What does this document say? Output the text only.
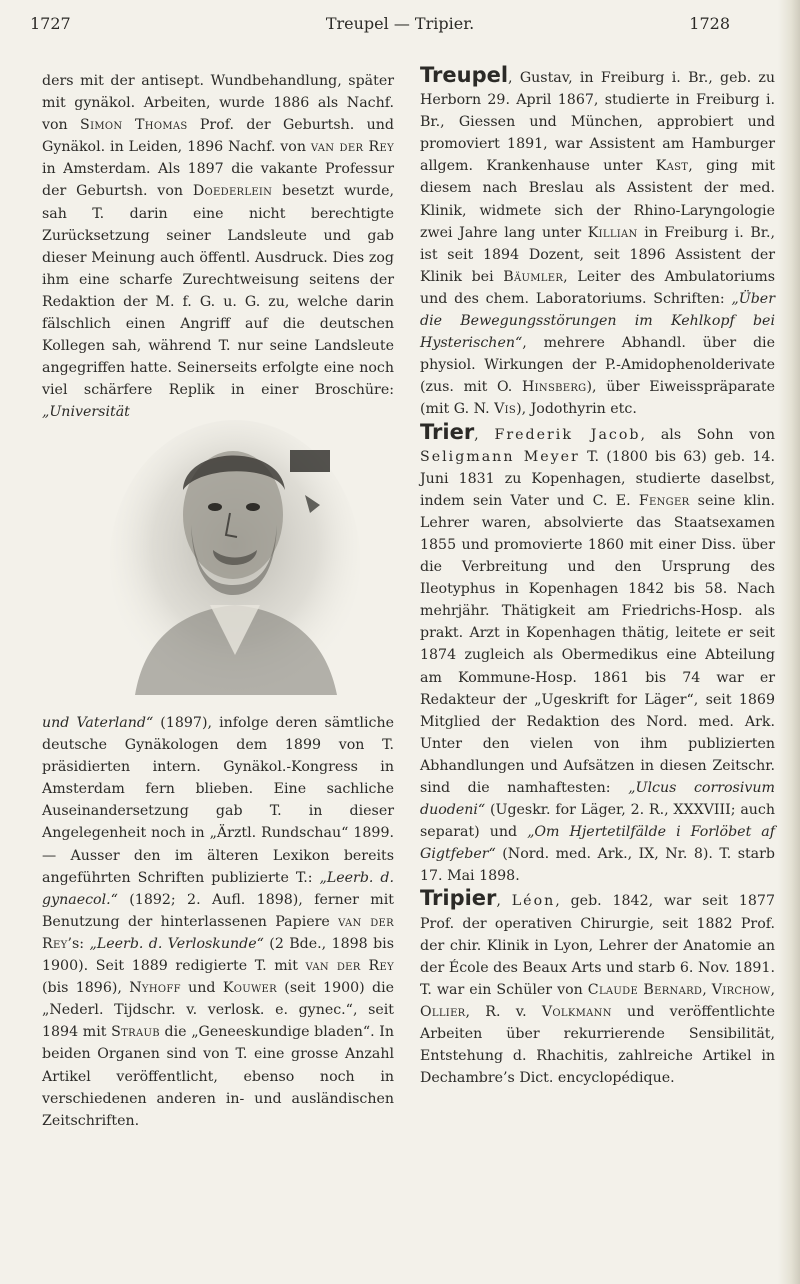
1727	Treupel — Tripier.	1728

ders mit der antisept. Wundbehandlung, später mit gynäkol. Arbeiten, wurde 1886 als Nachf. von Simon Thomas Prof. der Geburtsh. und Gynäkol. in Leiden, 1896 Nachf. von van der Rey in Amsterdam. Als 1897 die vakante Professur der Geburtsh. von Doederlein besetzt wurde, sah T. darin eine nicht berechtigte Zurücksetzung seiner Landsleute und gab dieser Meinung auch öffentl. Ausdruck. Dies zog ihm eine scharfe Zurechtweisung seitens der Redaktion der M. f. G. u. G. zu, welche darin fälschlich einen Angriff auf die deutschen Kollegen sah, während T. nur seine Landsleute angegriffen hatte. Seinerseits erfolgte eine noch viel schärfere Replik in einer Broschüre: „Universität

und Vaterland“ (1897), infolge deren sämtliche deutsche Gynäkologen dem 1899 von T. präsidierten intern. Gynäkol.-Kongress in Amsterdam fern blieben. Eine sachliche Auseinandersetzung gab T. in dieser Angelegenheit noch in „Ärztl. Rundschau“ 1899. — Ausser den im älteren Lexikon bereits angeführten Schriften publizierte T.: „Leerb. d. gynaecol.“ (1892; 2. Aufl. 1898), ferner mit Benutzung der hinterlassenen Papiere van der Rey’s: „Leerb. d. Verloskunde“ (2 Bde., 1898 bis 1900). Seit 1889 redigierte T. mit van der Rey (bis 1896), Nyhoff und Kouwer (seit 1900) die „Nederl. Tijdschr. v. verlosk. e. gynec.“, seit 1894 mit Straub die „Geneeskundige bladen“. In beiden Organen sind von T. eine grosse Anzahl Artikel veröffentlicht, ebenso noch in verschiedenen anderen in- und ausländischen Zeitschriften.

Treupel, Gustav, in Freiburg i. Br., geb. zu Herborn 29. April 1867, studierte in Freiburg i. Br., Giessen und München, approbiert und promoviert 1891, war Assistent am Hamburger allgem. Krankenhause unter Kast, ging mit diesem nach Breslau als Assistent der med. Klinik, widmete sich der Rhino-Laryngologie zwei Jahre lang unter Killian in Freiburg i. Br., ist seit 1894 Dozent, seit 1896 Assistent der Klinik bei Bäumler, Leiter des Ambulatoriums und des chem. Laboratoriums. Schriften: „Über die Bewegungsstörungen im Kehlkopf bei Hysterischen“, mehrere Abhandl. über die physiol. Wirkungen der P.-Amidophenolderivate (zus. mit O. Hinsberg), über Eiweisspräparate (mit G. N. Vis), Jodothyrin etc.

Trier, Frederik Jacob, als Sohn von Seligmann Meyer T. (1800 bis 63) geb. 14. Juni 1831 zu Kopenhagen, studierte daselbst, indem sein Vater und C. E. Fenger seine klin. Lehrer waren, absolvierte das Staatsexamen 1855 und promovierte 1860 mit einer Diss. über die Verbreitung und den Ursprung des Ileotyphus in Kopenhagen 1842 bis 58. Nach mehrjähr. Thätigkeit am Friedrichs-Hosp. als prakt. Arzt in Kopenhagen thätig, leitete er seit 1874 zugleich als Obermedikus eine Abteilung am Kommune-Hosp. 1861 bis 74 war er Redakteur der „Ugeskrift for Läger“, seit 1869 Mitglied der Redaktion des Nord. med. Ark. Unter den vielen von ihm publizierten Abhandlungen und Aufsätzen in diesen Zeitschr. sind die namhaftesten: „Ulcus corrosivum duodeni“ (Ugeskr. for Läger, 2. R., XXXVIII; auch separat) und „Om Hjertetilfälde i Forlöbet af Gigtfeber“ (Nord. med. Ark., IX, Nr. 8). T. starb 17. Mai 1898.

Tripier, Léon, geb. 1842, war seit 1877 Prof. der operativen Chirurgie, seit 1882 Prof. der chir. Klinik in Lyon, Lehrer der Anatomie an der École des Beaux Arts und starb 6. Nov. 1891. T. war ein Schüler von Claude Bernard, Virchow, Ollier, R. v. Volkmann und veröffentlichte Arbeiten über rekurrierende Sensibilität, Entstehung d. Rhachitis, zahlreiche Artikel in Dechambre’s Dict. encyclopédique.
